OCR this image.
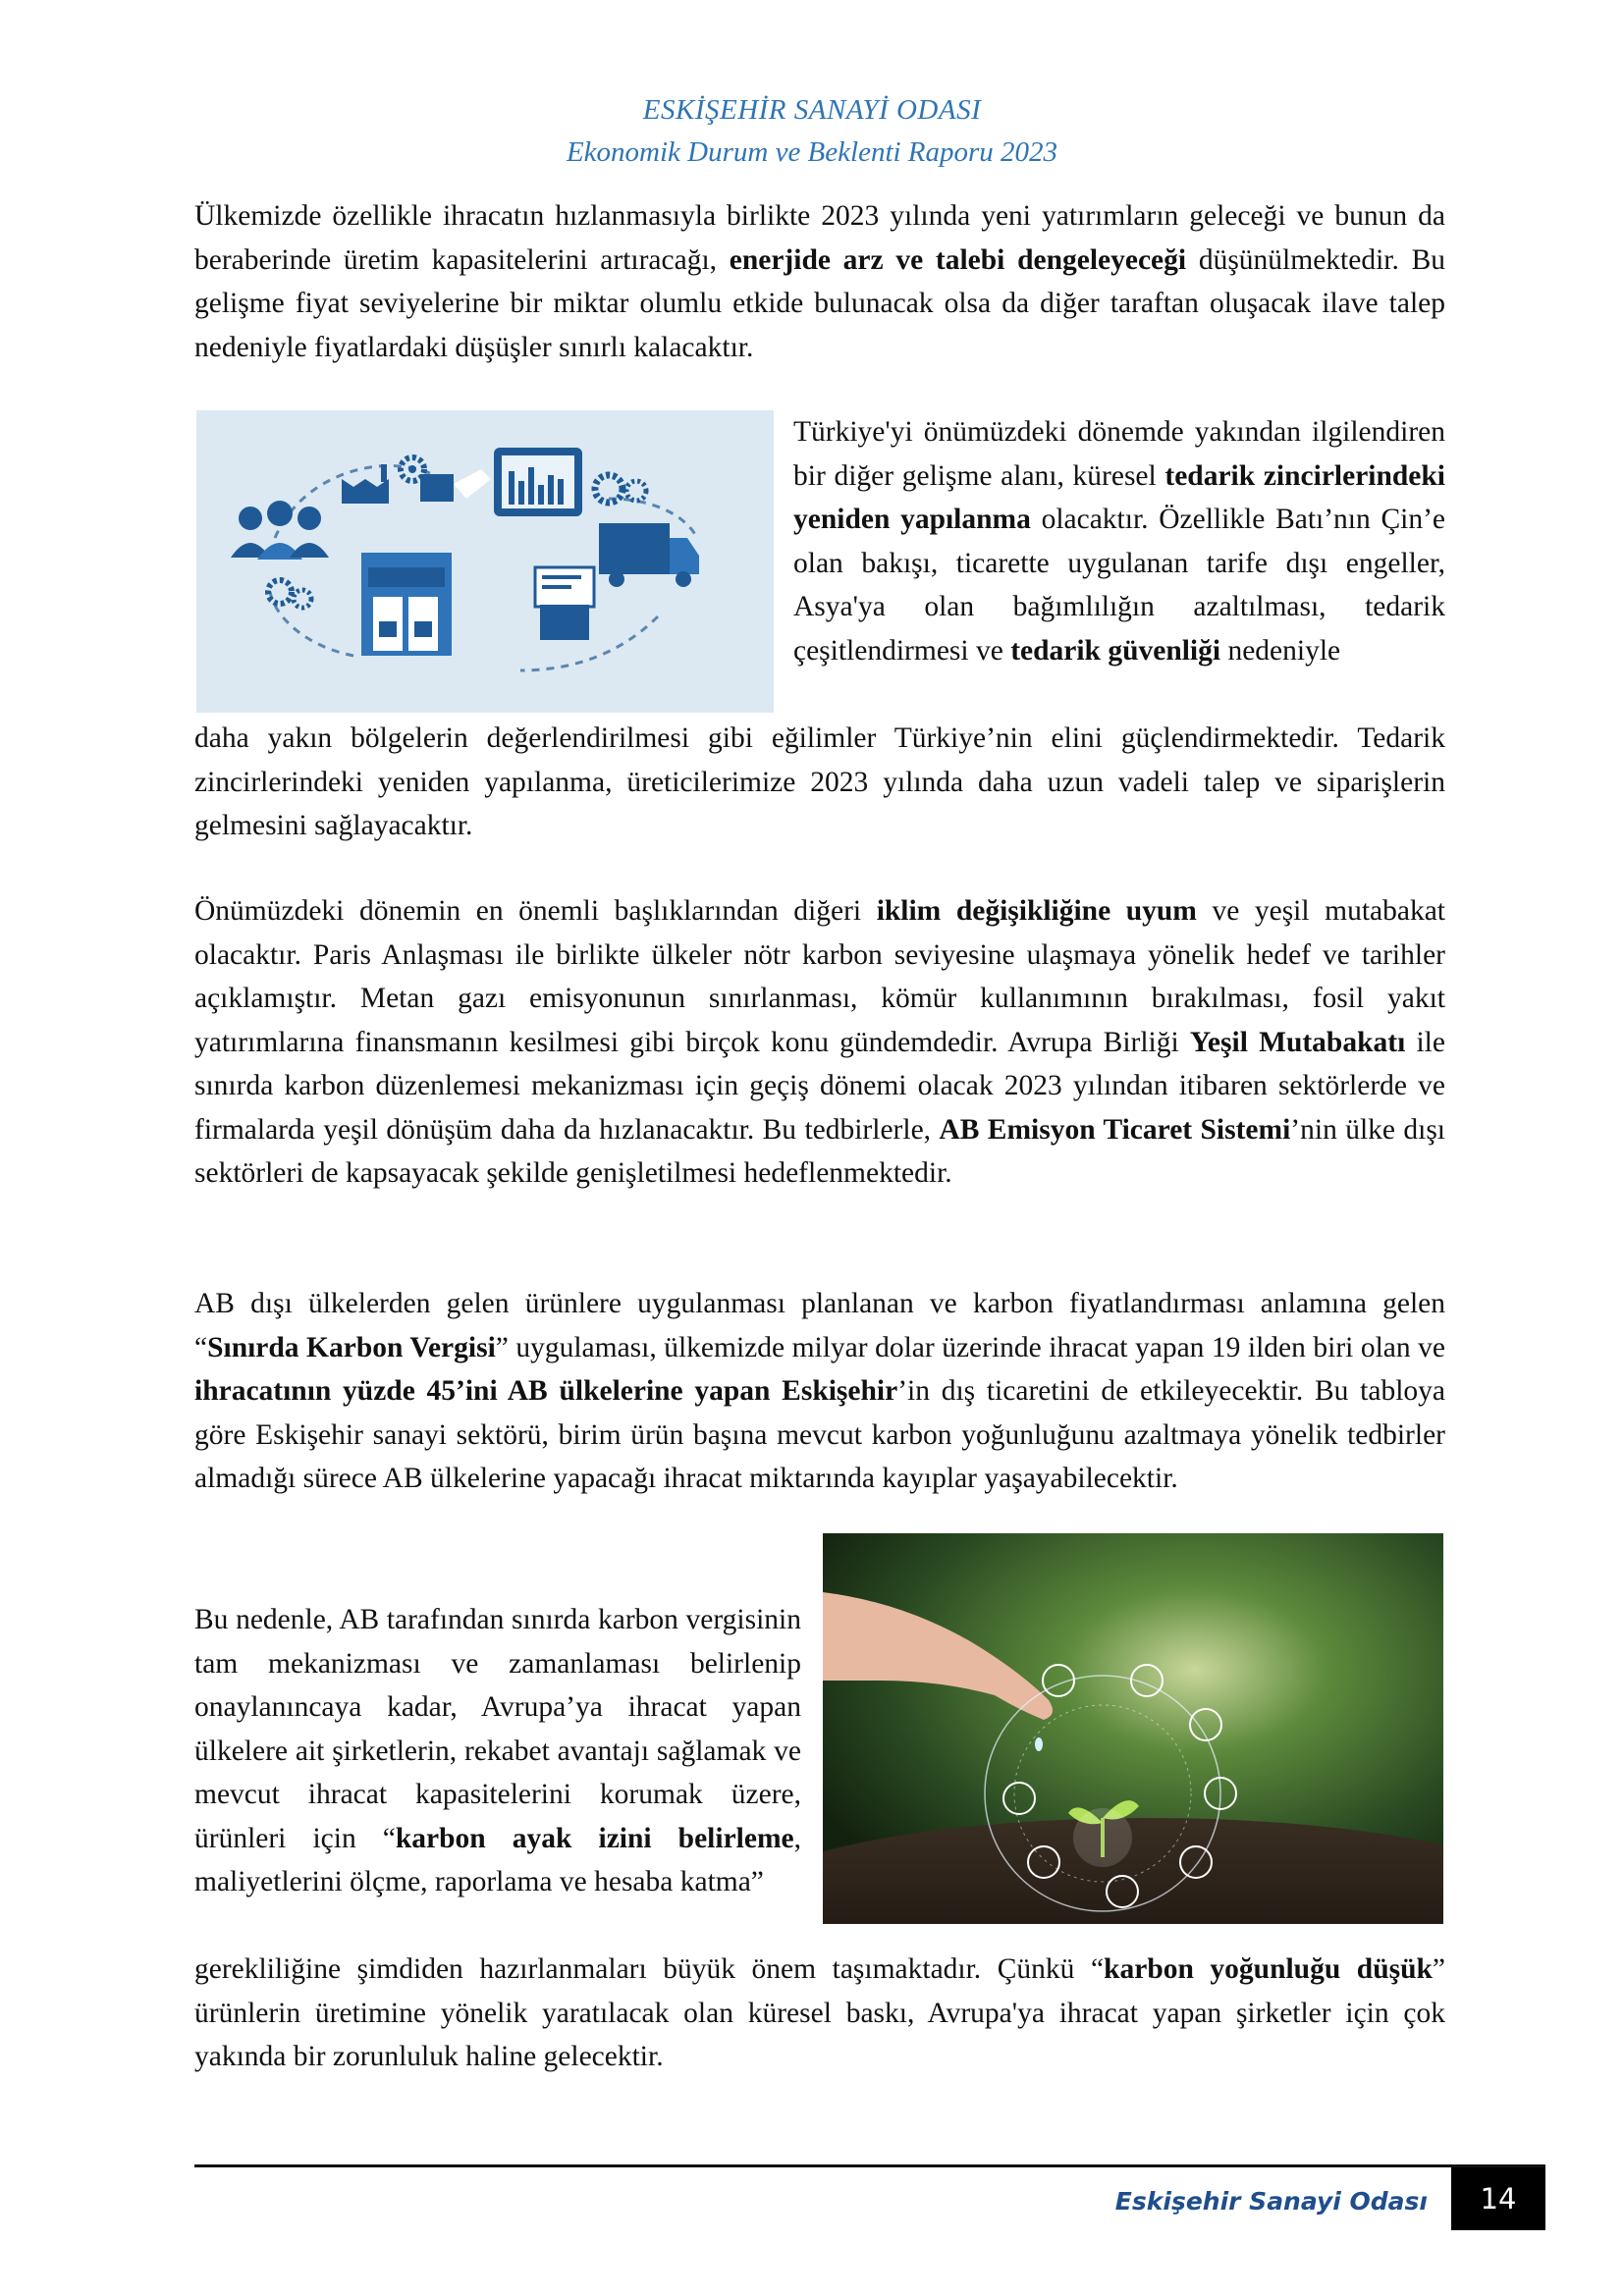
ESKİŞEHİR SANAYİ ODASI
Ekonomik Durum ve Beklenti Raporu 2023

Ülkemizde özellikle ihracatın hızlanmasıyla birlikte 2023 yılında yeni yatırımların geleceği ve bunun da beraberinde üretim kapasitelerini artıracağı, enerjide arz ve talebi dengeleyeceği düşünülmektedir. Bu gelişme fiyat seviyelerine bir miktar olumlu etkide bulunacak olsa da diğer taraftan oluşacak ilave talep nedeniyle fiyatlardaki düşüşler sınırlı kalacaktır.

Türkiye'yi önümüzdeki dönemde yakından ilgilendiren bir diğer gelişme alanı, küresel tedarik zincirlerindeki yeniden yapılanma olacaktır. Özellikle Batı’nın Çin’e olan bakışı, ticarette uygulanan tarife dışı engeller, Asya'ya olan bağımlılığın azaltılması, tedarik çeşitlendirmesi ve tedarik güvenliği nedeniyle

daha yakın bölgelerin değerlendirilmesi gibi eğilimler Türkiye’nin elini güçlendirmektedir. Tedarik zincirlerindeki yeniden yapılanma, üreticilerimize 2023 yılında daha uzun vadeli talep ve siparişlerin gelmesini sağlayacaktır.

Önümüzdeki dönemin en önemli başlıklarından diğeri iklim değişikliğine uyum ve yeşil mutabakat olacaktır. Paris Anlaşması ile birlikte ülkeler nötr karbon seviyesine ulaşmaya yönelik hedef ve tarihler açıklamıştır. Metan gazı emisyonunun sınırlanması, kömür kullanımının bırakılması, fosil yakıt yatırımlarına finansmanın kesilmesi gibi birçok konu gündemdedir. Avrupa Birliği Yeşil Mutabakatı ile sınırda karbon düzenlemesi mekanizması için geçiş dönemi olacak 2023 yılından itibaren sektörlerde ve firmalarda yeşil dönüşüm daha da hızlanacaktır. Bu tedbirlerle, AB Emisyon Ticaret Sistemi’nin ülke dışı sektörleri de kapsayacak şekilde genişletilmesi hedeflenmektedir.

AB dışı ülkelerden gelen ürünlere uygulanması planlanan ve karbon fiyatlandırması anlamına gelen “Sınırda Karbon Vergisi” uygulaması, ülkemizde milyar dolar üzerinde ihracat yapan 19 ilden biri olan ve ihracatının yüzde 45’ini AB ülkelerine yapan Eskişehir’in dış ticaretini de etkileyecektir. Bu tabloya göre Eskişehir sanayi sektörü, birim ürün başına mevcut karbon yoğunluğunu azaltmaya yönelik tedbirler almadığı sürece AB ülkelerine yapacağı ihracat miktarında kayıplar yaşayabilecektir.

Bu nedenle, AB tarafından sınırda karbon vergisinin tam mekanizması ve zamanlaması belirlenip onaylanıncaya kadar, Avrupa’ya ihracat yapan ülkelere ait şirketlerin, rekabet avantajı sağlamak ve mevcut ihracat kapasitelerini korumak üzere, ürünleri için “karbon ayak izini belirleme, maliyetlerini ölçme, raporlama ve hesaba katma”

gerekliliğine şimdiden hazırlanmaları büyük önem taşımaktadır. Çünkü “karbon yoğunluğu düşük” ürünlerin üretimine yönelik yaratılacak olan küresel baskı, Avrupa'ya ihracat yapan şirketler için çok yakında bir zorunluluk haline gelecektir.

Eskişehir Sanayi Odası	14
